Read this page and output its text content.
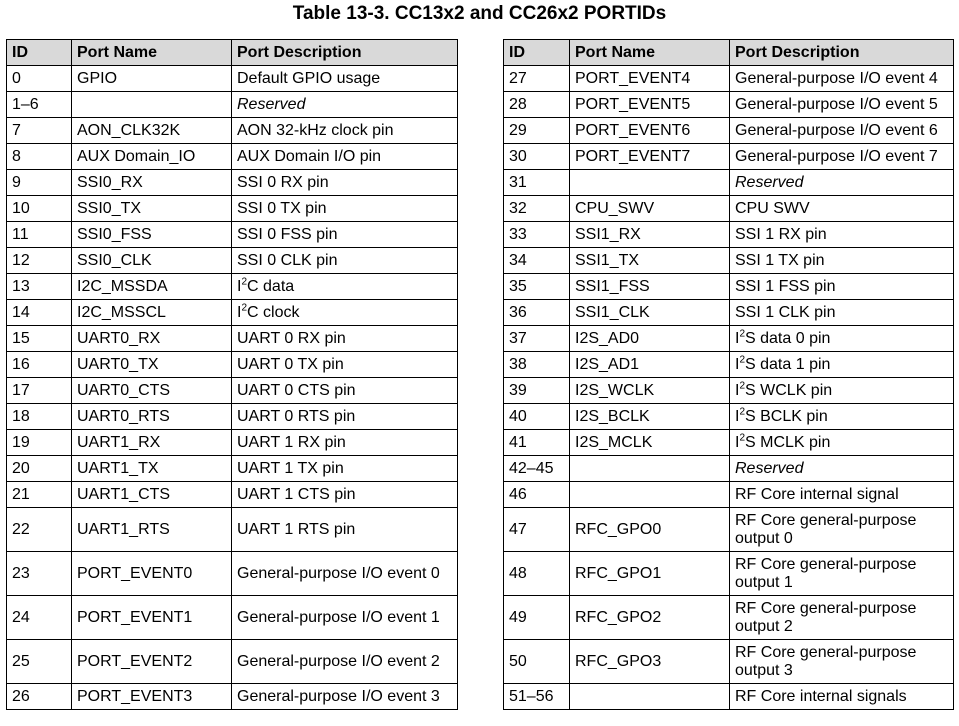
Table 13-3. CC13x2 and CC26x2 PORTIDs
ID	Port Name	Port Description
0	GPIO	Default GPIO usage
1–6		Reserved
7	AON_CLK32K	AON 32-kHz clock pin
8	AUX Domain_IO	AUX Domain I/O pin
9	SSI0_RX	SSI 0 RX pin
10	SSI0_TX	SSI 0 TX pin
11	SSI0_FSS	SSI 0 FSS pin
12	SSI0_CLK	SSI 0 CLK pin
13	I2C_MSSDA	$I^2C$ data
14	I2C_MSSCL	$I^2C$ clock
15	UART0_RX	UART 0 RX pin
16	UART0_TX	UART 0 TX pin
17	UART0_CTS	UART 0 CTS pin
18	UART0_RTS	UART 0 RTS pin
19	UART1_RX	UART 1 RX pin
20	UART1_TX	UART 1 TX pin
21	UART1_CTS	UART 1 CTS pin
22	UART1_RTS	UART 1 RTS pin
23	PORT_EVENT0	General-purpose I/O event 0
24	PORT_EVENT1	General-purpose I/O event 1
25	PORT_EVENT2	General-purpose I/O event 2
26	PORT_EVENT3	General-purpose I/O event 3
ID	Port Name	Port Description
27	PORT_EVENT4	General-purpose I/O event 4
28	PORT_EVENT5	General-purpose I/O event 5
29	PORT_EVENT6	General-purpose I/O event 6
30	PORT_EVENT7	General-purpose I/O event 7
31		Reserved
32	CPU_SWV	CPU SWV
33	SSI1_RX	SSI 1 RX pin
34	SSI1_TX	SSI 1 TX pin
35	SSI1_FSS	SSI 1 FSS pin
36	SSI1_CLK	SSI 1 CLK pin
37	I2S_AD0	$I^2S$ data 0 pin
38	I2S_AD1	$I^2S$ data 1 pin
39	I2S_WCLK	$I^2S$ WCLK pin
40	I2S_BCLK	$I^2S$ BCLK pin
41	I2S_MCLK	$I^2S$ MCLK pin
42–45		Reserved
46		RF Core internal signal
47	RFC_GPO0	RF Core general-purpose output 0
48	RFC_GPO1	RF Core general-purpose output 1
49	RFC_GPO2	RF Core general-purpose output 2
50	RFC_GPO3	RF Core general-purpose output 3
51–56		RF Core internal signals
